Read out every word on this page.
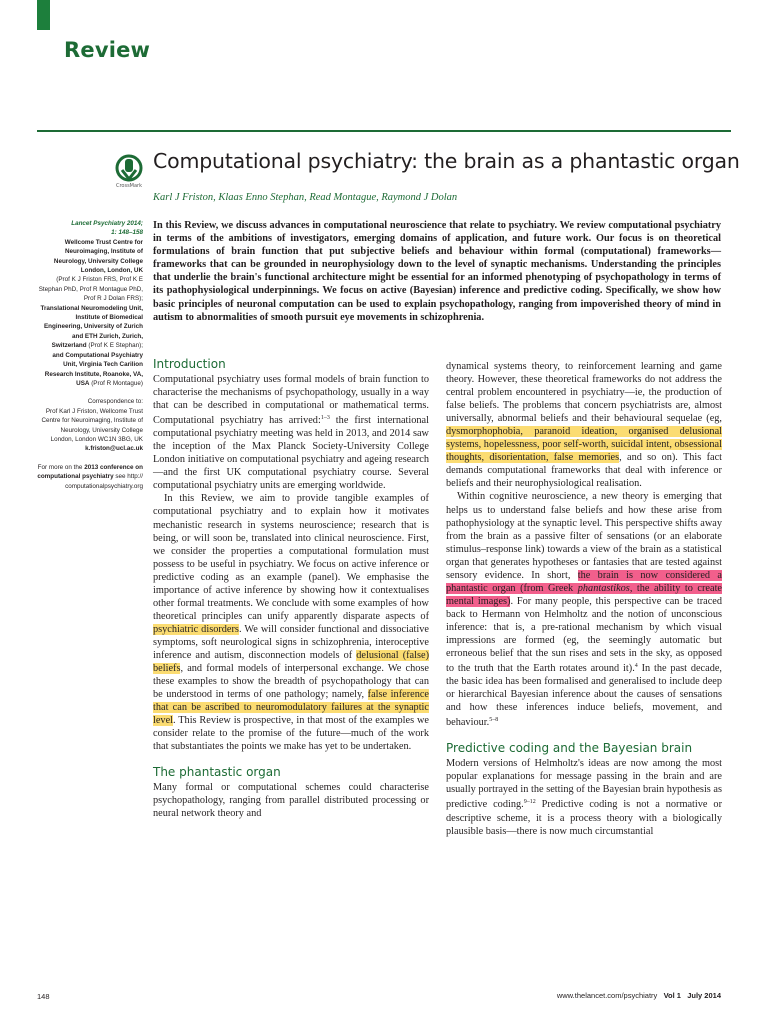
Review
CrossMark
Computational psychiatry: the brain as a phantastic organ
Karl J Friston, Klaas Enno Stephan, Read Montague, Raymond J Dolan

Lancet Psychiatry 2014;

1: 148–158

Wellcome Trust Centre for Neuroimaging, Institute of Neurology, University College London, London, UK

(Prof K J Friston FRS, Prof K E Stephan PhD, Prof R Montague PhD, Prof R J Dolan FRS);

Translational Neuromodeling Unit, Institute of Biomedical Engineering, University of Zurich and ETH Zurich, Zurich, Switzerland (Prof K E Stephan);

and Computational Psychiatry Unit, Virginia Tech Carilion Research Institute, Roanoke, VA, USA (Prof R Montague)

Correspondence to:

Prof Karl J Friston, Wellcome Trust Centre for Neuroimaging, Institute of Neurology, University College London, London WC1N 3BG, UK

k.friston@ucl.ac.uk

For more on the 2013 conference on computational psychiatry see http://

computationalpsychiatry.org

In this Review, we discuss advances in computational neuroscience that relate to psychiatry. We review computational psychiatry in terms of the ambitions of investigators, emerging domains of application, and future work. Our focus is on theoretical formulations of brain function that put subjective beliefs and behaviour within formal (computational) frameworks—frameworks that can be grounded in neurophysiology down to the level of synaptic mechanisms. Understanding the principles that underlie the brain's functional architecture might be essential for an informed phenotyping of psychopathology in terms of its pathophysiological underpinnings. We focus on active (Bayesian) inference and predictive coding. Specifically, we show how basic principles of neuronal computation can be used to explain psychopathology, ranging from impoverished theory of mind in autism to abnormalities of smooth pursuit eye movements in schizophrenia.

Introduction

Computational psychiatry uses formal models of brain function to characterise the mechanisms of psychopathology, usually in a way that can be described in computational or mathematical terms. Computational psychiatry has arrived:$^{1-3}$ the first international computational psychiatry meeting was held in 2013, and 2014 saw the inception of the Max Planck Society-University College London initiative on computational psychiatry and ageing research—and the first UK computational psychiatry course. Several computational psychiatry units are emerging worldwide.

In this Review, we aim to provide tangible examples of computational psychiatry and to explain how it motivates mechanistic research in systems neuroscience; research that is being, or will soon be, translated into clinical neuroscience. First, we consider the properties a computational formulation must possess to be useful in psychiatry. We focus on active inference or predictive coding as an example (panel). We emphasise the importance of active inference by showing how it contextualises other formal treatments. We conclude with some examples of how theoretical principles can unify apparently disparate aspects of psychiatric disorders. We will consider functional and dissociative symptoms, soft neurological signs in schizophrenia, interoceptive inference and autism, disconnection models of delusional (false) beliefs, and formal models of interpersonal exchange. We chose these examples to show the breadth of psychopathology that can be understood in terms of one pathology; namely, false inference that can be ascribed to neuromodulatory failures at the synaptic level. This Review is prospective, in that most of the examples we consider relate to the promise of the future—much of the work that substantiates the points we make has yet to be undertaken.

The phantastic organ

Many formal or computational schemes could characterise psychopathology, ranging from parallel distributed processing or neural network theory and

dynamical systems theory, to reinforcement learning and game theory. However, these theoretical frameworks do not address the central problem encountered in psychiatry—ie, the production of false beliefs. The problems that concern psychiatrists are, almost universally, abnormal beliefs and their behavioural sequelae (eg, dysmorphophobia, paranoid ideation, organised delusional systems, hopelessness, poor self-worth, suicidal intent, obsessional thoughts, disorientation, false memories, and so on). This fact demands computational frameworks that deal with inference or beliefs and their neurophysiological realisation.

Within cognitive neuroscience, a new theory is emerging that helps us to understand false beliefs and how these arise from pathophysiology at the synaptic level. This perspective shifts away from the brain as a passive filter of sensations (or an elaborate stimulus–response link) towards a view of the brain as a statistical organ that generates hypotheses or fantasies that are tested against sensory evidence. In short, the brain is now considered a phantastic organ (from Greek phantastikos, the ability to create mental images). For many people, this perspective can be traced back to Hermann von Helmholtz and the notion of unconscious inference: that is, a pre-rational mechanism by which visual impressions are formed (eg, the seemingly automatic but erroneous belief that the sun rises and sets in the sky, as opposed to the truth that the Earth rotates around it).$^4$ In the past decade, the basic idea has been formalised and generalised to include deep or hierarchical Bayesian inference about the causes of sensations and how these inferences induce beliefs, movement, and behaviour.$^{5-8}$

Predictive coding and the Bayesian brain

Modern versions of Helmholtz's ideas are now among the most popular explanations for message passing in the brain and are usually portrayed in the setting of the Bayesian brain hypothesis as predictive coding.$^{9-12}$ Predictive coding is not a normative or descriptive scheme, it is a process theory with a biologically plausible basis—there is now much circumstantial

148	www.thelancet.com/psychiatry Vol 1 July 2014
